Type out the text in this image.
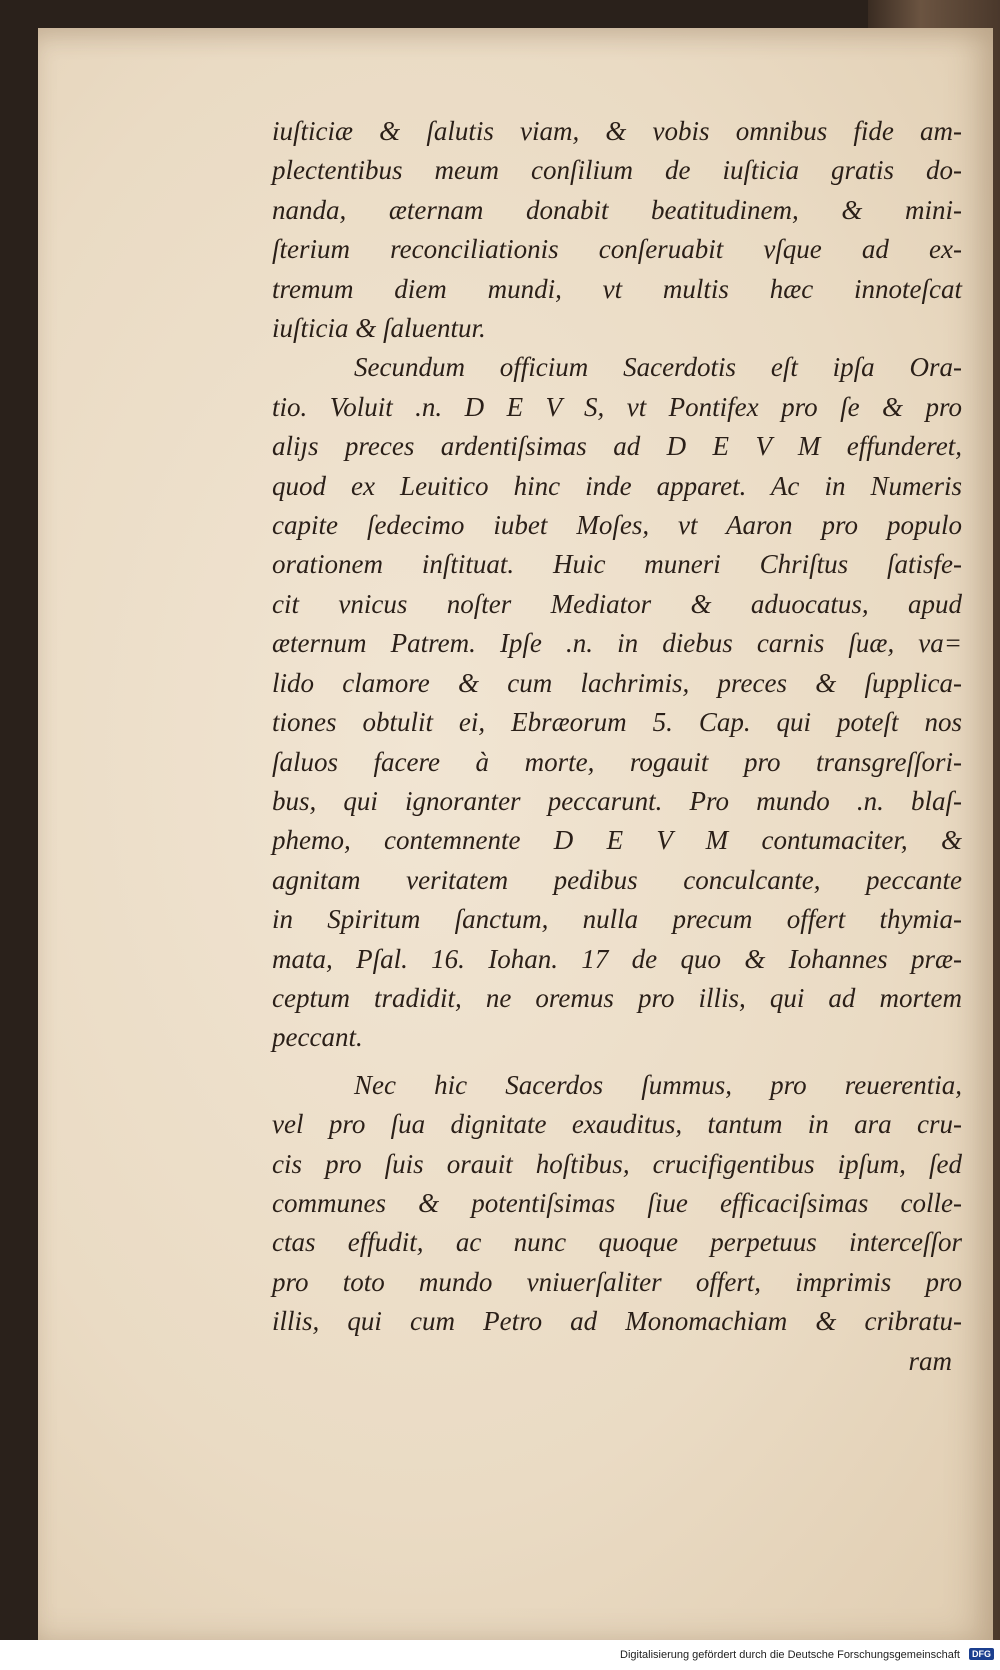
iuſticiæ & ſalutis viam, & vobis omnibus fide am-
plectentibus meum conſilium de iuſticia gratis do-
nanda, æternam donabit beatitudinem, & mini-
ſterium reconciliationis conſeruabit vſque ad ex-
tremum diem mundi, vt multis hæc innoteſcat
iuſticia & ſaluentur.
Secundum officium Sacerdotis eſt ipſa Ora-
tio. Voluit .n. D E V S, vt Pontifex pro ſe & pro
aliȷs preces ardentiſsimas ad D E V M effunderet,
quod ex Leuitico hinc inde apparet. Ac in Numeris
capite ſedecimo iubet Moſes, vt Aaron pro populo
orationem inſtituat. Huic muneri Chriſtus ſatisfe-
cit vnicus noſter Mediator & aduocatus, apud
æternum Patrem. Ipſe .n. in diebus carnis ſuæ, va=
lido clamore & cum lachrimis, preces & ſupplica-
tiones obtulit ei, Ebræorum 5. Cap. qui poteſt nos
ſaluos facere à morte, rogauit pro transgreſſori-
bus, qui ignoranter peccarunt. Pro mundo .n. blaſ-
phemo, contemnente D E V M contumaciter, &
agnitam veritatem pedibus conculcante, peccante
in Spiritum ſanctum, nulla precum offert thymia-
mata, Pſal. 16. Iohan. 17 de quo & Iohannes præ-
ceptum tradidit, ne oremus pro illis, qui ad mortem
peccant.
Nec hic Sacerdos ſummus, pro reuerentia,
vel pro ſua dignitate exauditus, tantum in ara cru-
cis pro ſuis orauit hoſtibus, crucifigentibus ipſum, ſed
communes & potentiſsimas ſiue efficaciſsimas colle-
ctas effudit, ac nunc quoque perpetuus interceſſor
pro toto mundo vniuerſaliter offert, imprimis pro
illis, qui cum Petro ad Monomachiam & cribratu-
ram
Digitalisierung gefördert durch die Deutsche Forschungsgemeinschaft	DFG
